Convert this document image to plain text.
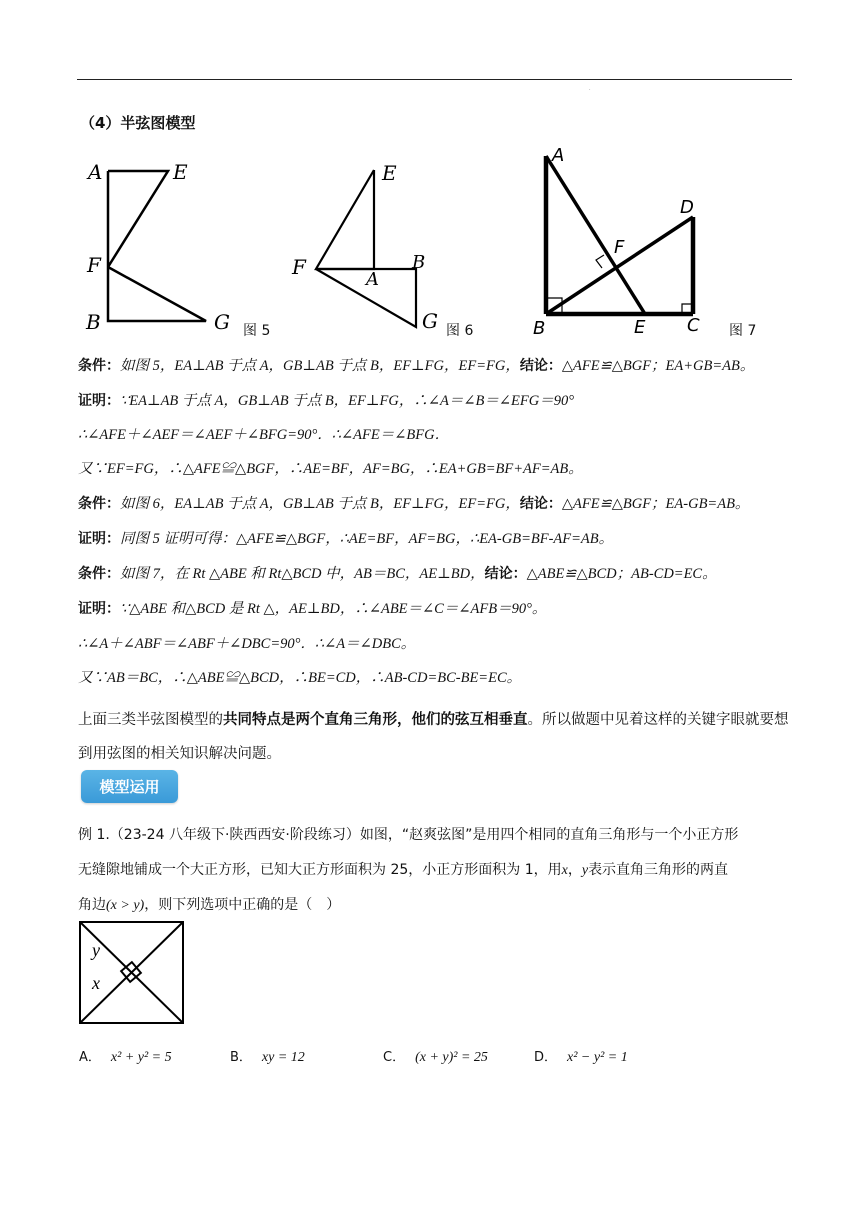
.
（4）半弦图模型
A	E
F
B	G 图 5
E
F
A
B
G 图 6
A
D
F
B	E C 图 7
条件：如图 5，EA⊥AB 于点 A，GB⊥AB 于点 B，EF⊥FG，EF=FG，结论：△AFE≌△BGF；EA+GB=AB。
证明：∵EA⊥AB 于点 A，GB⊥AB 于点 B，EF⊥FG，∴∠A＝∠B＝∠EFG＝90°
∴∠AFE＋∠AEF＝∠AEF＋∠BFG=90°．∴∠AFE＝∠BFG．
又∵EF=FG，∴△AFE≌△BGF，∴AE=BF，AF=BG，∴EA+GB=BF+AF=AB。
条件：如图 6，EA⊥AB 于点 A，GB⊥AB 于点 B，EF⊥FG，EF=FG，结论：△AFE≌△BGF；EA-GB=AB。
证明：同图 5 证明可得：△AFE≌△BGF，∴AE=BF，AF=BG，∴EA-GB=BF-AF=AB。
条件：如图 7，在 Rt △ABE 和 Rt△BCD 中，AB＝BC，AE⊥BD，结论：△ABE≌△BCD；AB-CD=EC。
证明：∵△ABE 和△BCD 是 Rt △，AE⊥BD，∴∠ABE＝∠C＝∠AFB＝90°。
∴∠A＋∠ABF＝∠ABF＋∠DBC=90°．∴∠A＝∠DBC。
又∵AB＝BC，∴△ABE≌△BCD，∴BE=CD，∴AB-CD=BC-BE=EC。
上面三类半弦图模型的共同特点是两个直角三角形，他们的弦互相垂直。所以做题中见着这样的关键字眼就要想到用弦图的相关知识解决问题。
模型运用
例 1.（23-24 八年级下·陕西西安·阶段练习）如图，“赵爽弦图”是用四个相同的直角三角形与一个小正方形
无缝隙地铺成一个大正方形，已知大正方形面积为 25，小正方形面积为 1，用x，y表示直角三角形的两直
角边(x > y)，则下列选项中正确的是（　）
y
x
A． x² + y² = 5	B． xy = 12	C． (x + y)² = 25	D． x² − y² = 1
